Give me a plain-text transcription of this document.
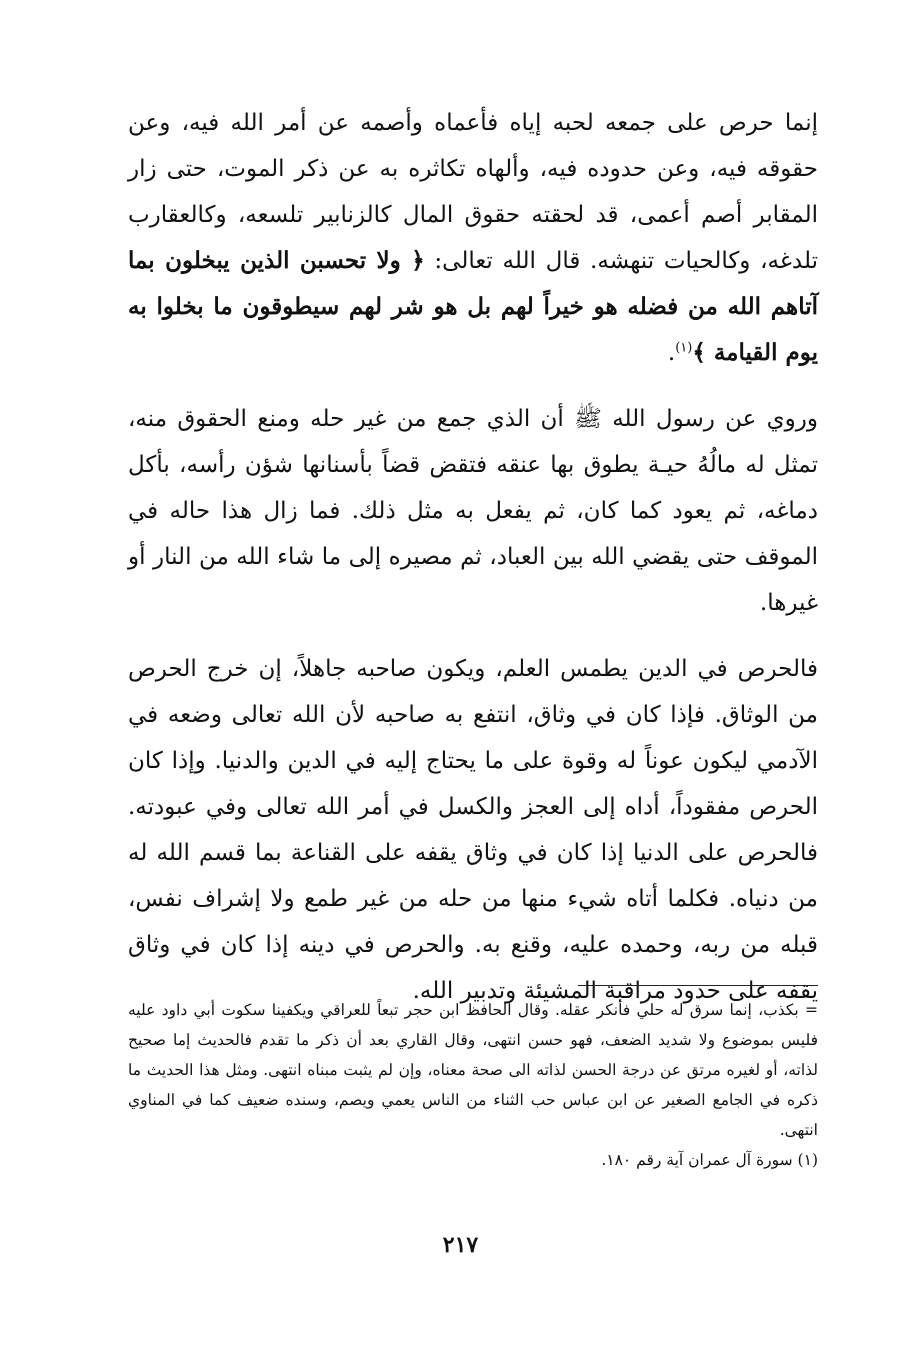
إنما حرص على جمعه لحبه إياه فأعماه وأصمه عن أمر الله فيه، وعن حقوقه فيه، وعن حدوده فيه، وألهاه تكاثره به عن ذكر الموت، حتى زار المقابر أصم أعمى، قد لحقته حقوق المال كالزنابير تلسعه، وكالعقارب تلدغه، وكالحيات تنهشه. قال الله تعالى: ﴿ ولا تحسبن الذين يبخلون بما آتاهم الله من فضله هو خيراً لهم بل هو شر لهم سيطوقون ما بخلوا به يوم القيامة ﴾$^{(١)}$.

وروي عن رسول الله ﷺ أن الذي جمع من غير حله ومنع الحقوق منه، تمثل له مالُهُ حيـة يطوق بها عنقه فتقض قضاً بأسنانها شؤن رأسه، بأكل دماغه، ثم يعود كما كان، ثم يفعل به مثل ذلك. فما زال هذا حاله في الموقف حتى يقضي الله بين العباد، ثم مصيره إلى ما شاء الله من النار أو غيرها.

فالحرص في الدين يطمس العلم، ويكون صاحبه جاهلاً، إن خرج الحرص من الوثاق. فإذا كان في وثاق، انتفع به صاحبه لأن الله تعالى وضعه في الآدمي ليكون عوناً له وقوة على ما يحتاج إليه في الدين والدنيا. وإذا كان الحرص مفقوداً، أداه إلى العجز والكسل في أمر الله تعالى وفي عبودته. فالحرص على الدنيا إذا كان في وثاق يقفه على القناعة بما قسم الله له من دنياه. فكلما أتاه شيء منها من حله من غير طمع ولا إشراف نفس، قبله من ربه، وحمده عليه، وقنع به. والحرص في دينه إذا كان في وثاق يقفه على حدود مراقبة المشيئة وتدبير الله.

= بكذب، إنما سرق له حلي فأنكر عقله. وقال الحافظ ابن حجر تبعاً للعراقي ويكفينا سكوت أبي داود عليه فليس بموضوع ولا شديد الضعف، فهو حسن انتهى، وقال القاري بعد أن ذكر ما تقدم فالحديث إما صحيح لذاته، أو لغيره مرتق عن درجة الحسن لذاته الى صحة معناه، وإن لم يثبت مبناه انتهى. ومثل هذا الحديث ما ذكره في الجامع الصغير عن ابن عباس حب الثناء من الناس يعمي ويصم، وسنده ضعيف كما في المناوي انتهى.

(١) سورة آل عمران آية رقم ١٨٠.

٢١٧
